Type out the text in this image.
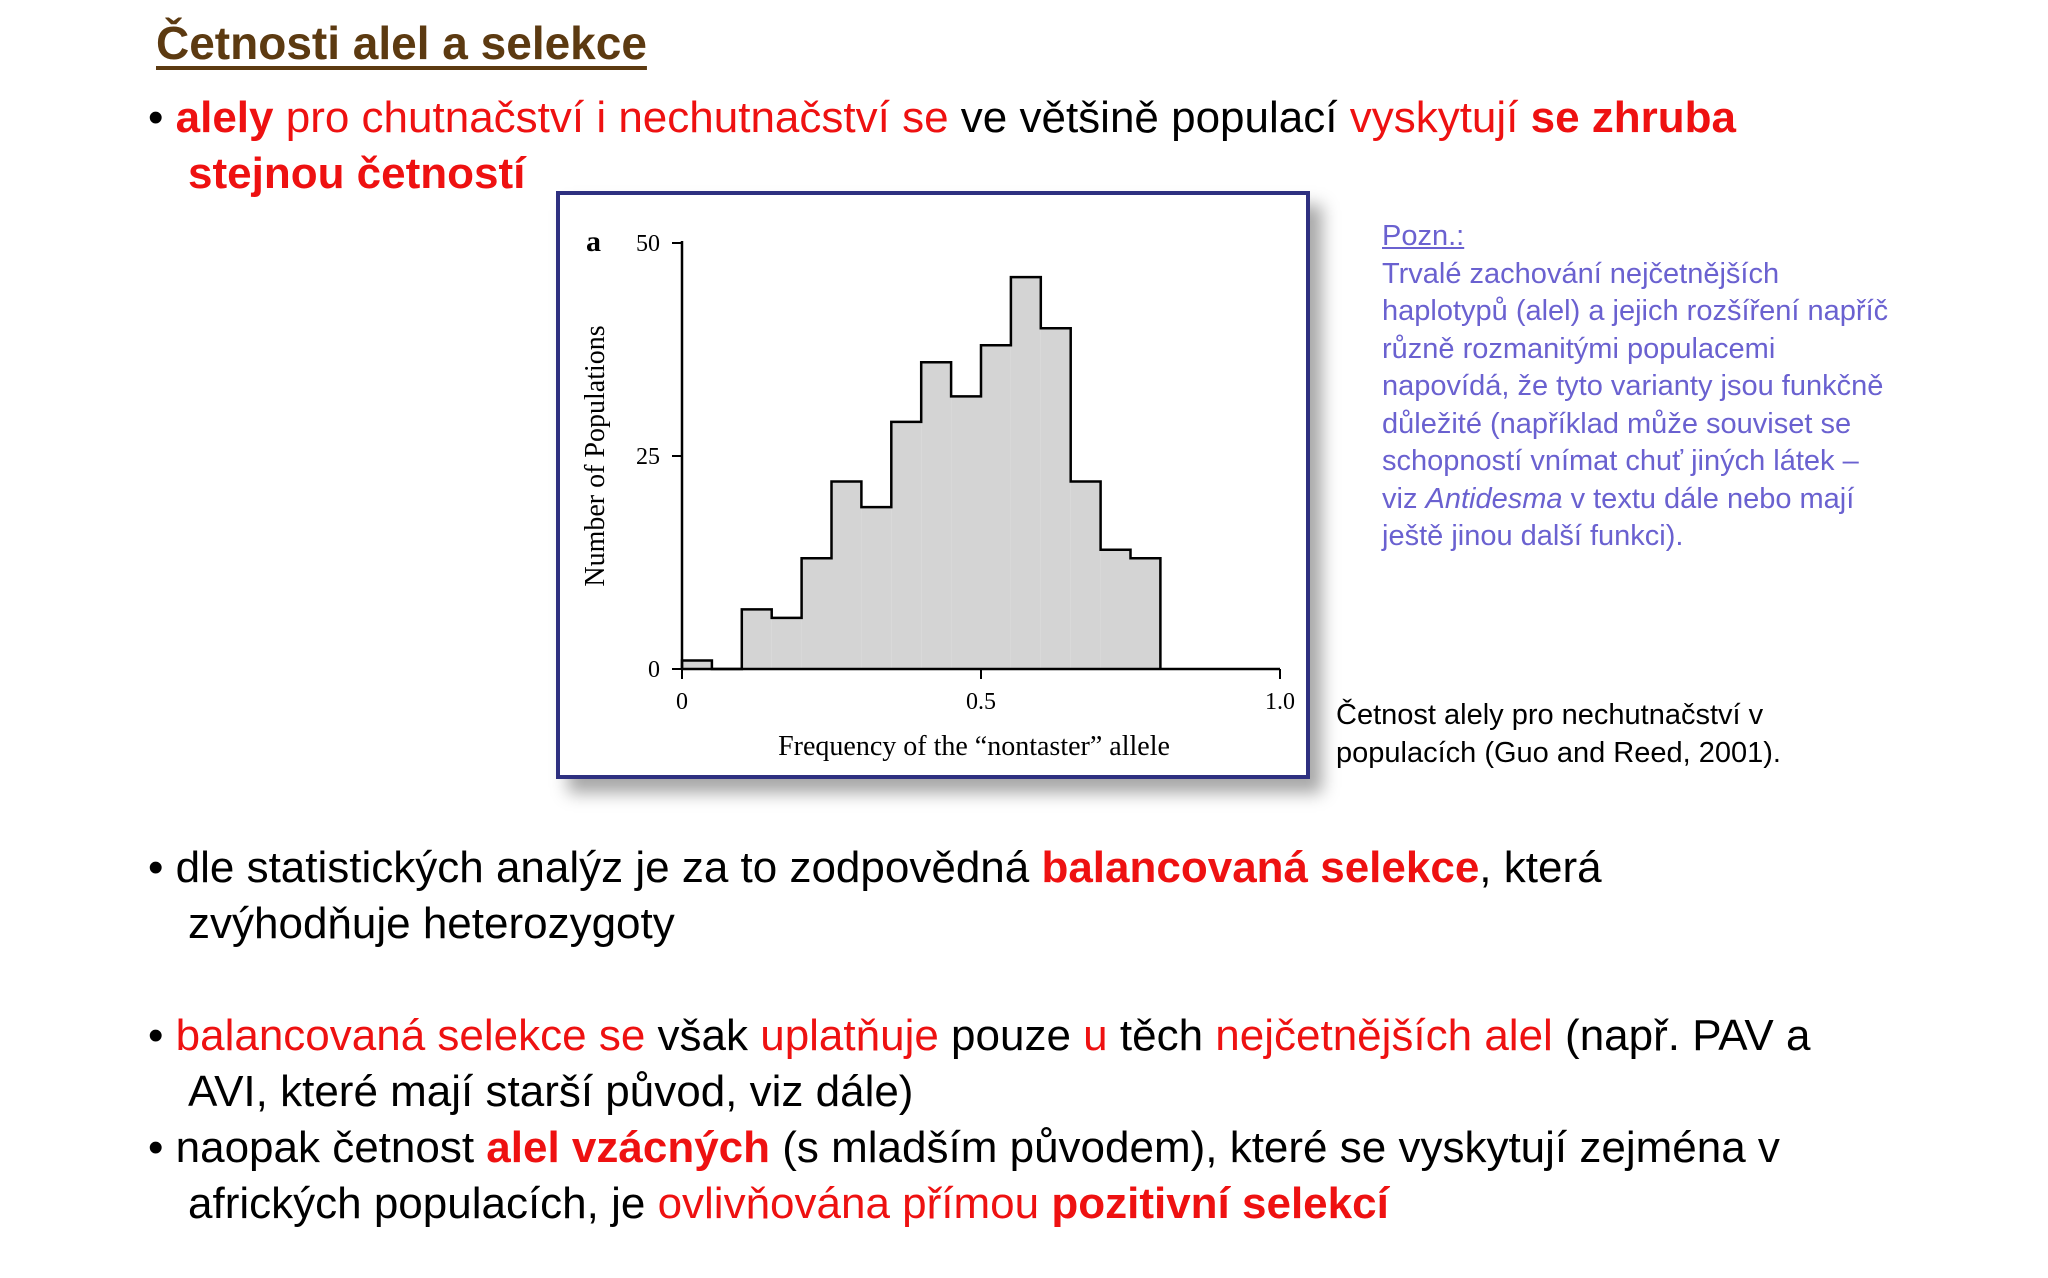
Četnosti alel a selekce
• alely pro chutnačství i nechutnačství se ve většině populací vyskytují se zhruba
stejnou četností
0
25
50
0	0.5	1.0
Frequency of the “nontaster” allele
Number of Populations
a	Pozn.:
Trvalé zachování nejčetnějších haplotypů (alel) a jejich rozšíření napříč různě rozmanitými populacemi napovídá, že tyto varianty jsou funkčně důležité (například může souviset se schopností vnímat chuť jiných látek – viz Antidesma v textu dále nebo mají ještě jinou další funkci).
Četnost alely pro nechutnačství v populacích (Guo and Reed, 2001).
• dle statistických analýz je za to zodpovědná balancovaná selekce, která
zvýhodňuje heterozygoty
• balancovaná selekce se však uplatňuje pouze u těch nejčetnějších alel (např. PAV a
AVI, které mají starší původ, viz dále)
• naopak četnost alel vzácných (s mladším původem), které se vyskytují zejména v
afrických populacích, je ovlivňována přímou pozitivní selekcí
